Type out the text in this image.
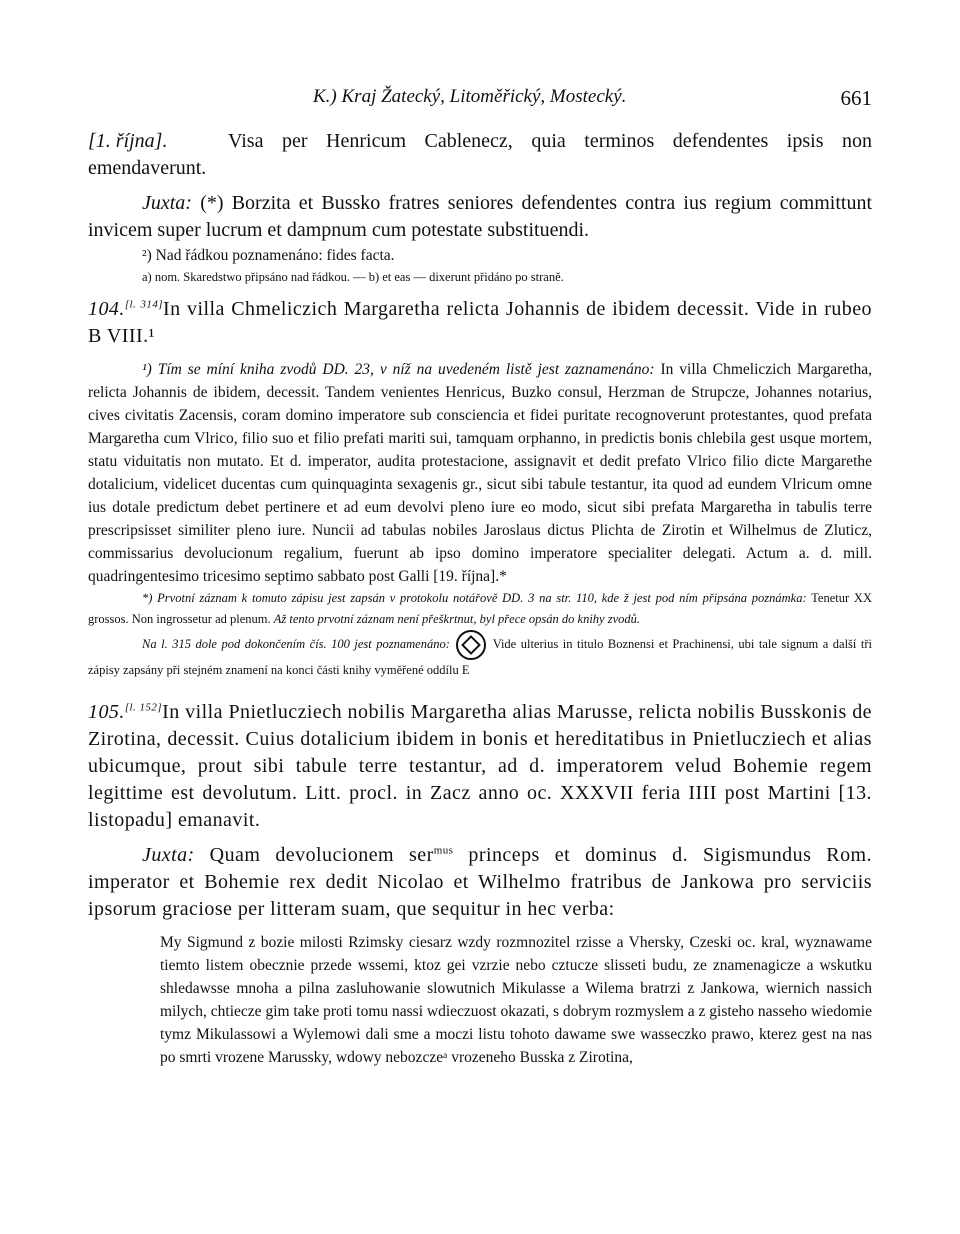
K.) Kraj Žatecký, Litoměřický, Mostecký.	661

[1. října].	Visa per Henricum Cablenecz, quia terminos defendentes ipsis non emendaverunt.

Juxta: (*) Borzita et Bussko fratres seniores defendentes contra ius regium committunt invicem super lucrum et dampnum cum potestate substituendi.

²) Nad řádkou poznamenáno: fides facta.

a) nom. Skaredstwo připsáno nad řádkou. — b) et eas — dixerunt přidáno po straně.

104.[l. 314]In villa Chmeliczich Margaretha relicta Johannis de ibidem decessit. Vide in rubeo B VIII.¹

¹) Tím se míní kniha zvodů DD. 23, v níž na uvedeném listě jest zaznamenáno: In villa Chmeliczich Margaretha, relicta Johannis de ibidem, decessit. Tandem venientes Henricus, Buzko consul, Herzman de Strupcze, Johannes notarius, cives civitatis Zacensis, coram domino imperatore sub consciencia et fidei puritate recognoverunt protestantes, quod prefata Margaretha cum Vlrico, filio suo et filio prefati mariti sui, tamquam orphanno, in predictis bonis chlebila gest usque mortem, statu viduitatis non mutato. Et d. imperator, audita protestacione, assignavit et dedit prefato Vlrico filio dicte Margarethe dotalicium, videlicet ducentas cum quinquaginta sexagenis gr., sicut sibi tabule testantur, ita quod ad eundem Vlricum omne ius dotale predictum debet pertinere et ad eum devolvi pleno iure eo modo, sicut sibi prefata Margaretha in tabulis terre prescripsisset similiter pleno iure. Nuncii ad tabulas nobiles Jaroslaus dictus Plichta de Zirotin et Wilhelmus de Zluticz, commissarius devolucionum regalium, fuerunt ab ipso domino imperatore specialiter delegati. Actum a. d. mill. quadringentesimo tricesimo septimo sabbato post Galli [19. října].*

*) Prvotní záznam k tomuto zápisu jest zapsán v protokolu notářově DD. 3 na str. 110, kde ž jest pod ním připsána poznámka: Tenetur XX grossos. Non ingrossetur ad plenum. Až tento prvotní záznam není přeškrtnut, byl přece opsán do knihy zvodů.

Na l. 315 dole pod dokončením čís. 100 jest poznamenáno:	Vide ulterius in titulo Boznensi et Prachinensi, ubi tale signum a další tři zápisy zapsány při stejném znamení na konci části knihy vyměřené oddílu E

105.[l. 152]In villa Pnietlucziech nobilis Margaretha alias Marusse, relicta nobilis Busskonis de Zirotina, decessit. Cuius dotalicium ibidem in bonis et hereditatibus in Pnietlucziech et alias ubicumque, prout sibi tabule terre testantur, ad d. imperatorem velud Bohemie regem legittime est devolutum. Litt. procl. in Zacz anno oc. XXXVII feria IIII post Martini [13. listopadu] emanavit.

Juxta: Quam devolucionem ser$^{mus}$ princeps et dominus d. Sigismundus Rom. imperator et Bohemie rex dedit Nicolao et Wilhelmo fratribus de Jankowa pro serviciis ipsorum graciose per litteram suam, que sequitur in hec verba:

My Sigmund z bozie milosti Rzimsky ciesarz wzdy rozmnozitel rzisse a Vhersky, Czeski oc. kral, wyznawame tiemto listem obecznie przede wssemi, ktoz gei vzrzie nebo cztucze slisseti budu, ze znamenagicze a wskutku shledawsse mnoha a pilna zasluhowanie slowutnich Mikulasse a Wilema bratrzi z Jankowa, wiernich nassich milych, chtiecze gim take proti tomu nassi wdieczuost okazati, s dobrym rozmyslem a z gisteho nasseho wiedomie tymz Mikulassowi a Wylemowi dali sme a moczi listu tohoto dawame swe wasseczko prawo, kterez gest na nas po smrti vrozene Marussky, wdowy nebozczeᵃ vrozeneho Busska z Zirotina,
